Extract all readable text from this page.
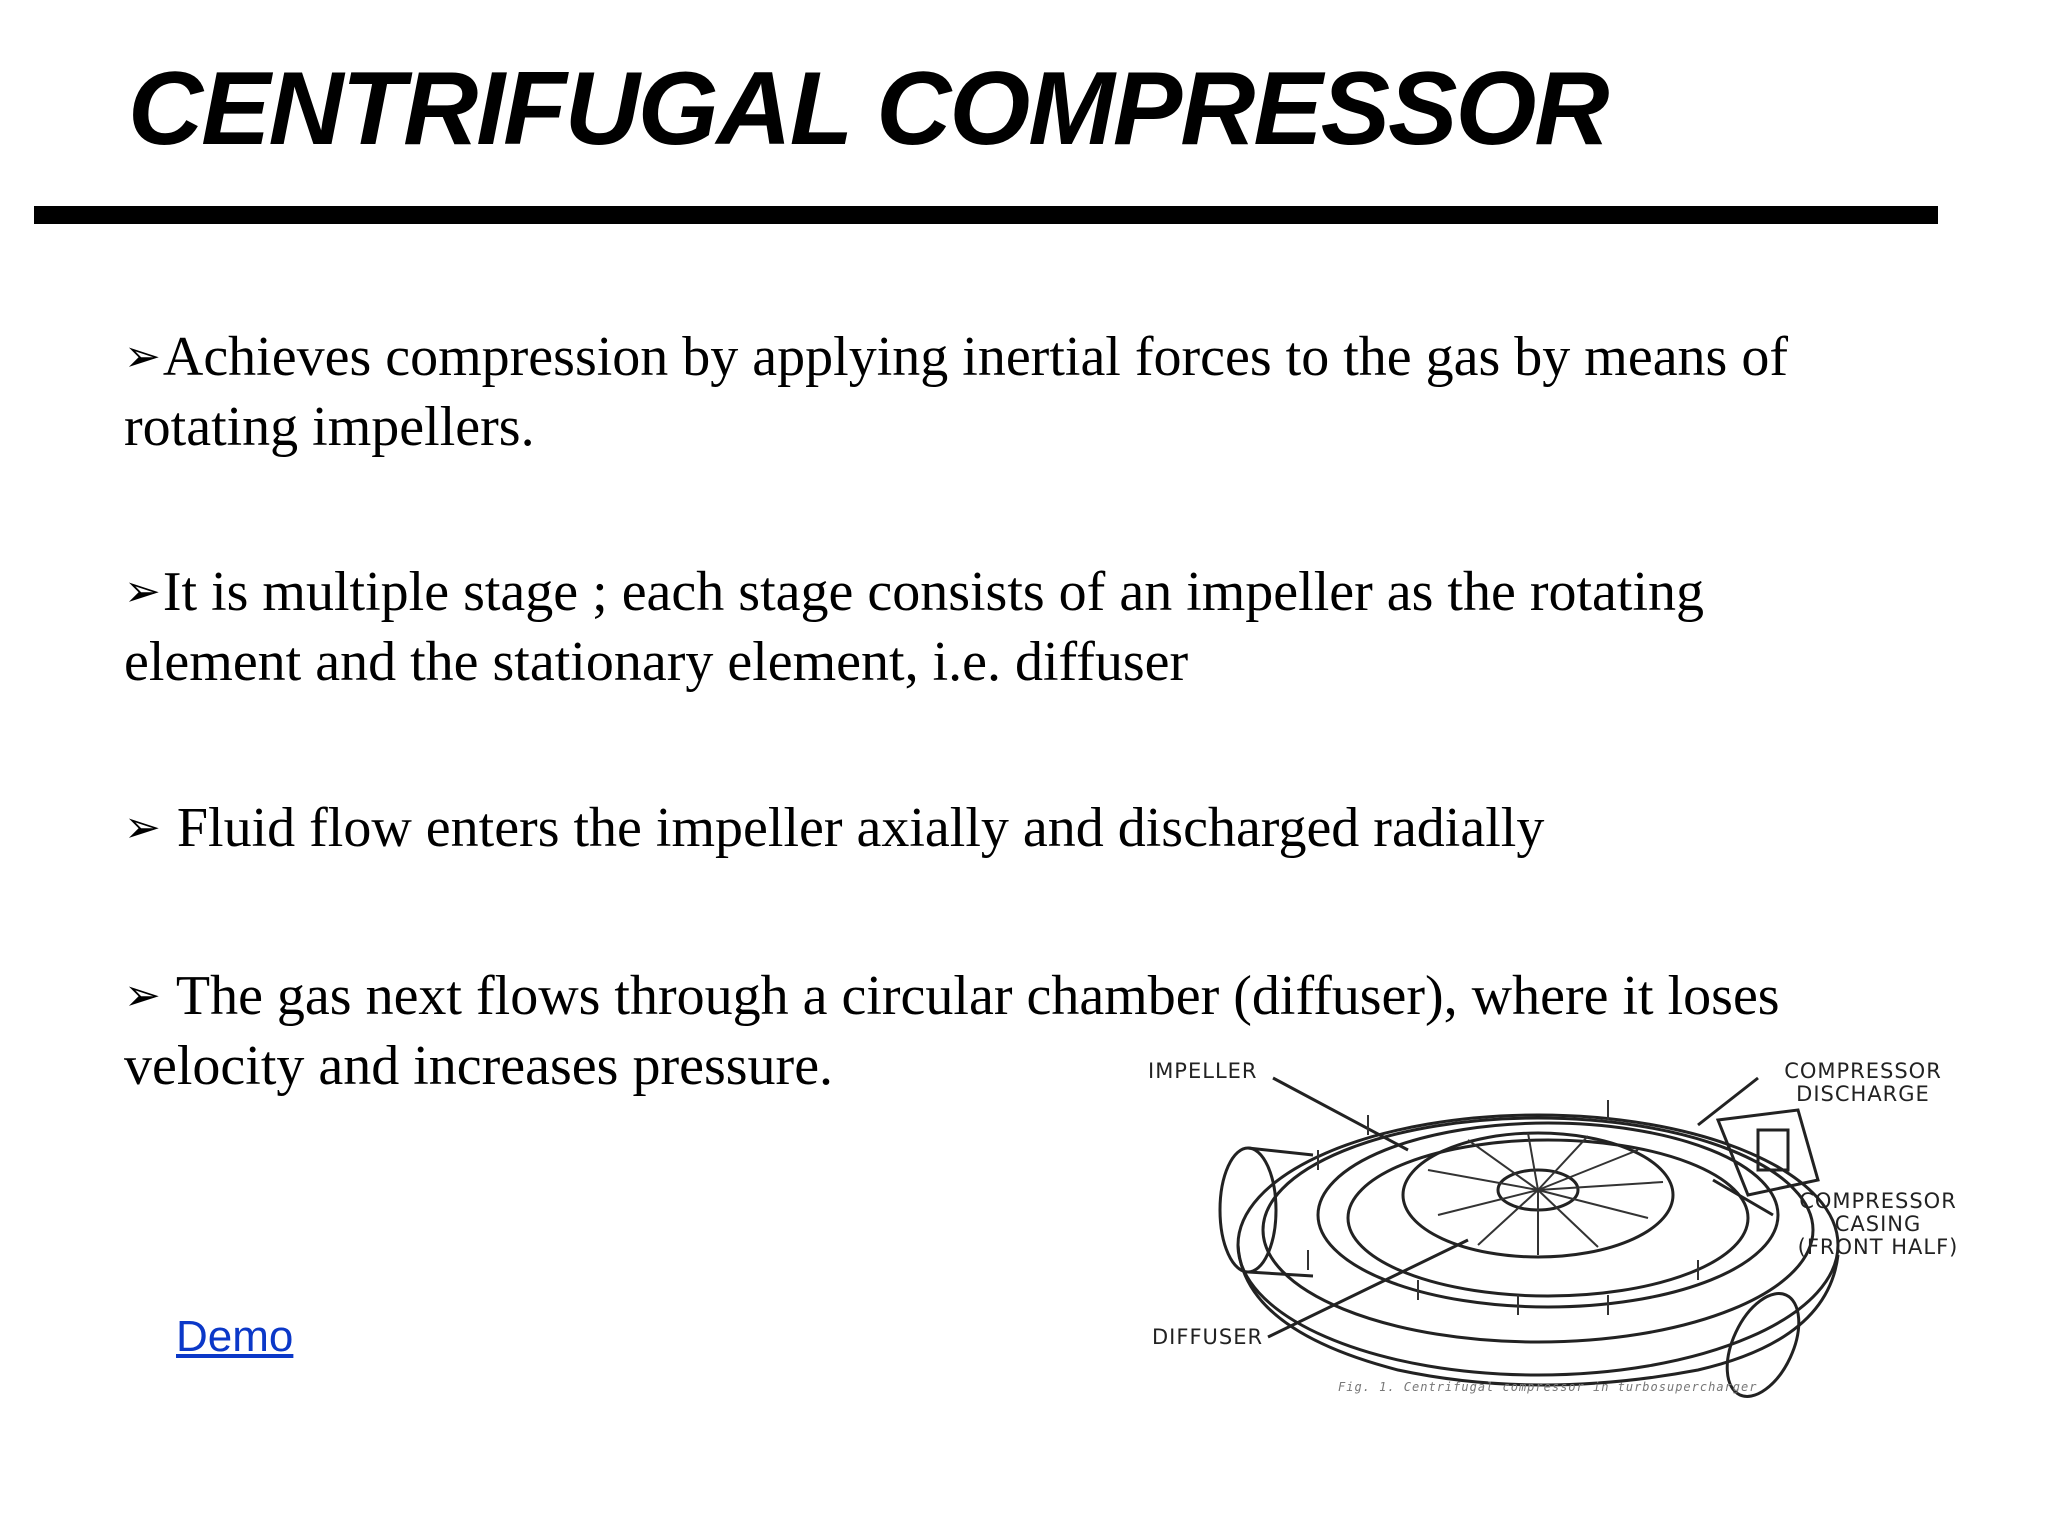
CENTRIFUGAL COMPRESSOR

➢Achieves compression by applying inertial forces to the gas by means of rotating impellers.

➢It is multiple stage ; each stage consists of an impeller as the rotating element and the stationary element, i.e. diffuser

➢ Fluid flow enters the impeller axially and discharged radially

➢ The gas next flows through a circular chamber (diffuser), where it loses velocity and increases pressure.

Demo
IMPELLER	COMPRESSOR
DISCHARGE
COMPRESSOR
CASING
(FRONT HALF)
DIFFUSER
Fig. 1. Centrifugal compressor in turbosupercharger
